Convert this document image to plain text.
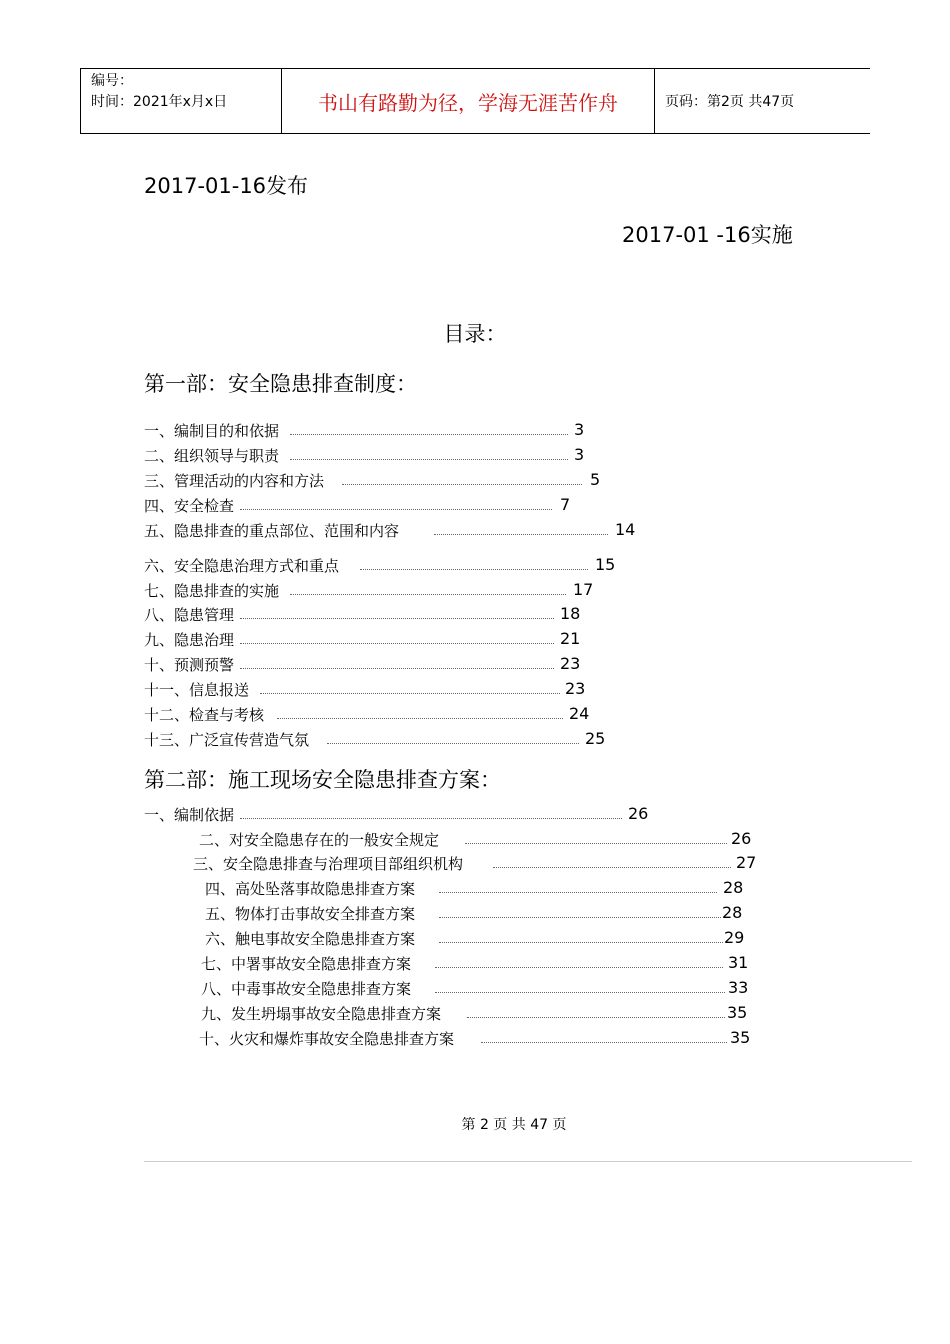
编号：
时间：2021年x月x日	书山有路勤为径，学海无涯苦作舟	页码：第2页 共47页
2017-01-16发布
2017-01 -16实施
目录：
第一部：安全隐患排查制度：
一、编制目的和依据	3
二、组织领导与职责	3
三、管理活动的内容和方法	5
四、安全检查	7
五、隐患排查的重点部位、范围和内容	14
六、安全隐患治理方式和重点	15
七、隐患排查的实施	17
八、隐患管理	18
九、隐患治理	21
十、预测预警	23
十一、信息报送	23
十二、检查与考核	24
十三、广泛宣传营造气氛	25
第二部：施工现场安全隐患排查方案：
一、编制依据	26
二、对安全隐患存在的一般安全规定	26
三、安全隐患排查与治理项目部组织机构	27
四、高处坠落事故隐患排查方案	28
五、物体打击事故安全排查方案	28
六、触电事故安全隐患排查方案	29
七、中署事故安全隐患排查方案	31
八、中毒事故安全隐患排查方案	33
九、发生坍塌事故安全隐患排查方案	35
十、火灾和爆炸事故安全隐患排查方案	35
第 2 页 共 47 页
